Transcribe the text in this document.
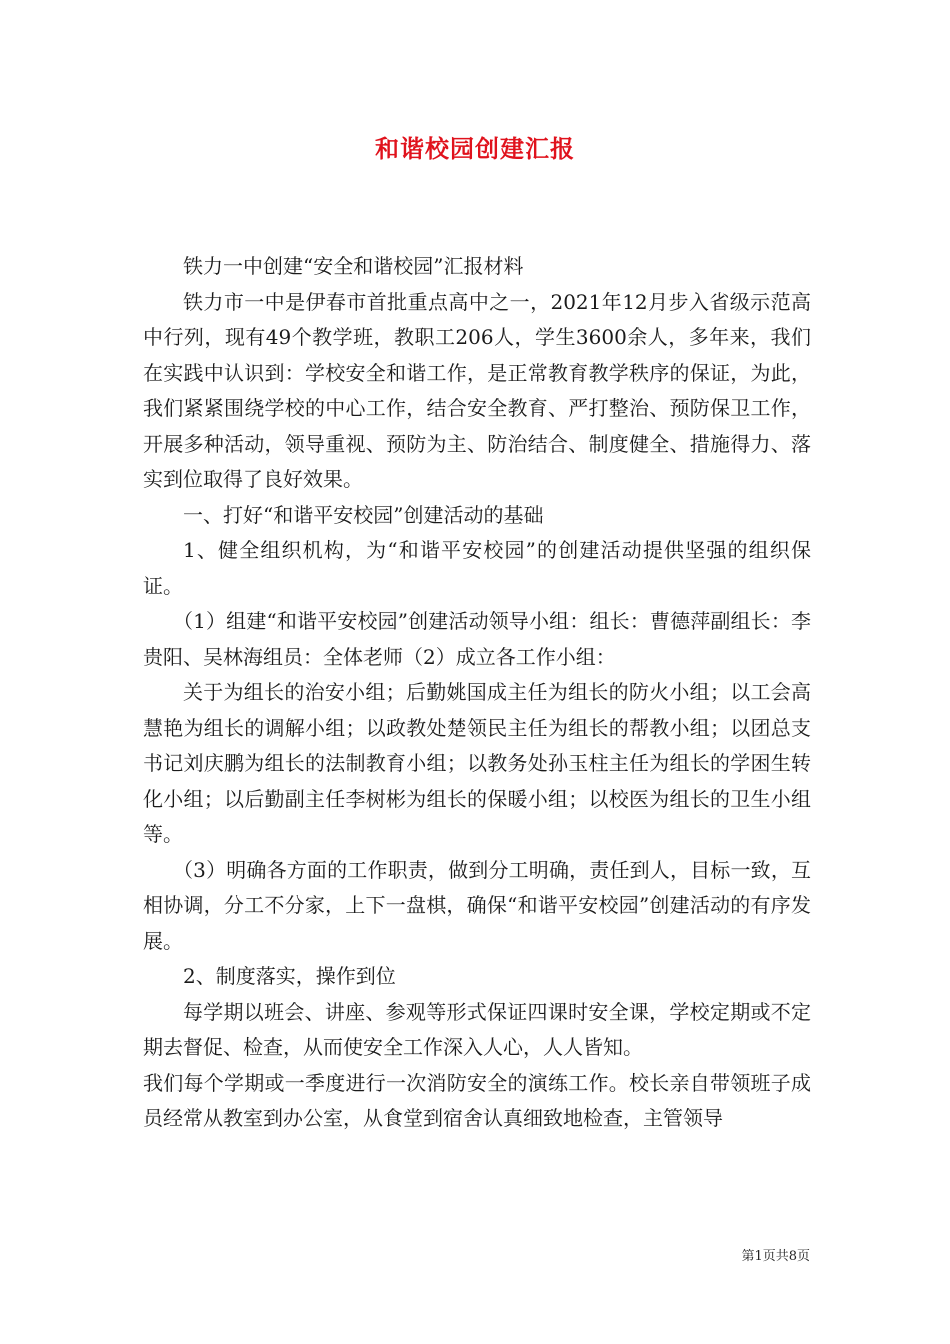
和谐校园创建汇报

铁力一中创建“安全和谐校园”汇报材料

铁力市一中是伊春市首批重点高中之一，2021年12月步入省级示范高中行列，现有49个教学班，教职工206人，学生3600余人，多年来，我们在实践中认识到：学校安全和谐工作，是正常教育教学秩序的保证，为此，我们紧紧围绕学校的中心工作，结合安全教育、严打整治、预防保卫工作，开展多种活动，领导重视、预防为主、防治结合、制度健全、措施得力、落实到位取得了良好效果。

一、打好“和谐平安校园”创建活动的基础

1、健全组织机构，为“和谐平安校园”的创建活动提供坚强的组织保证。

（1）组建“和谐平安校园”创建活动领导小组：组长：曹德萍副组长：李贵阳、吴林海组员：全体老师（2）成立各工作小组：

关于为组长的治安小组；后勤姚国成主任为组长的防火小组；以工会高慧艳为组长的调解小组；以政教处楚领民主任为组长的帮教小组；以团总支书记刘庆鹏为组长的法制教育小组；以教务处孙玉柱主任为组长的学困生转化小组；以后勤副主任李树彬为组长的保暖小组；以校医为组长的卫生小组等。

（3）明确各方面的工作职责，做到分工明确，责任到人，目标一致，互相协调，分工不分家，上下一盘棋，确保“和谐平安校园”创建活动的有序发展。

2、制度落实，操作到位

每学期以班会、讲座、参观等形式保证四课时安全课，学校定期或不定期去督促、检查，从而使安全工作深入人心，人人皆知。

我们每个学期或一季度进行一次消防安全的演练工作。校长亲自带领班子成员经常从教室到办公室，从食堂到宿舍认真细致地检查，主管领导

第1页共8页
